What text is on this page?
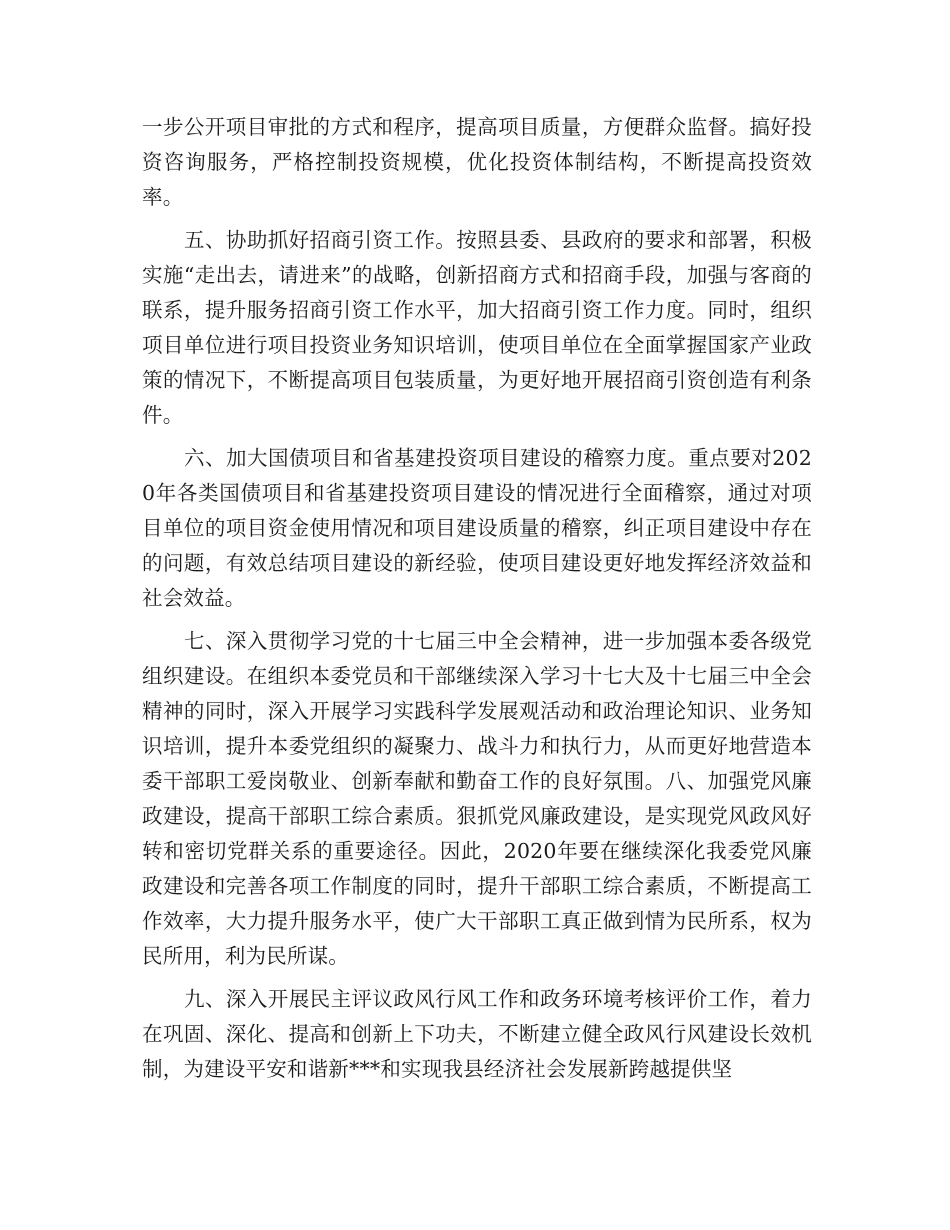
一步公开项目审批的方式和程序，提高项目质量，方便群众监督。搞好投资咨询服务，严格控制投资规模，优化投资体制结构，不断提高投资效率。

五、协助抓好招商引资工作。按照县委、县政府的要求和部署，积极实施“走出去，请进来”的战略，创新招商方式和招商手段，加强与客商的联系，提升服务招商引资工作水平，加大招商引资工作力度。同时，组织项目单位进行项目投资业务知识培训，使项目单位在全面掌握国家产业政策的情况下，不断提高项目包装质量，为更好地开展招商引资创造有利条件。

六、加大国债项目和省基建投资项目建设的稽察力度。重点要对2020年各类国债项目和省基建投资项目建设的情况进行全面稽察，通过对项目单位的项目资金使用情况和项目建设质量的稽察，纠正项目建设中存在的问题，有效总结项目建设的新经验，使项目建设更好地发挥经济效益和社会效益。

七、深入贯彻学习党的十七届三中全会精神，进一步加强本委各级党组织建设。在组织本委党员和干部继续深入学习十七大及十七届三中全会精神的同时，深入开展学习实践科学发展观活动和政治理论知识、业务知识培训，提升本委党组织的凝聚力、战斗力和执行力，从而更好地营造本委干部职工爱岗敬业、创新奉献和勤奋工作的良好氛围。八、加强党风廉政建设，提高干部职工综合素质。狠抓党风廉政建设，是实现党风政风好转和密切党群关系的重要途径。因此，2020年要在继续深化我委党风廉政建设和完善各项工作制度的同时，提升干部职工综合素质，不断提高工作效率，大力提升服务水平，使广大干部职工真正做到情为民所系，权为民所用，利为民所谋。

九、深入开展民主评议政风行风工作和政务环境考核评价工作，着力在巩固、深化、提高和创新上下功夫，不断建立健全政风行风建设长效机制，为建设平安和谐新***和实现我县经济社会发展新跨越提供坚
